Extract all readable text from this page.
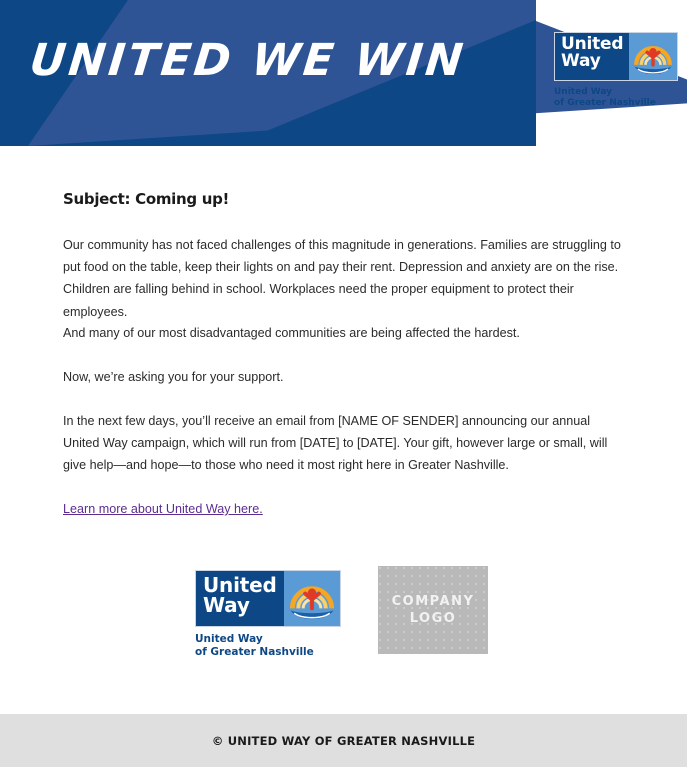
UNITED WE WIN	United
Way
United Way
of Greater Nashville
Subject: Coming up!
Our community has not faced challenges of this magnitude in generations. Families are struggling to put food on the table, keep their lights on and pay their rent. Depression and anxiety are on the rise. Children are falling behind in school. Workplaces need the proper equipment to protect their employees.
And many of our most disadvantaged communities are being affected the hardest.
Now, we’re asking you for your support.
In the next few days, you’ll receive an email from [NAME OF SENDER] announcing our annual United Way campaign, which will run from [DATE] to [DATE]. Your gift, however large or small, will give help—and hope—to those who need it most right here in Greater Nashville.
Learn more about United Way here.
United
Way
United Way
of Greater Nashville
COMPANY
LOGO
© UNITED WAY OF GREATER NASHVILLE
